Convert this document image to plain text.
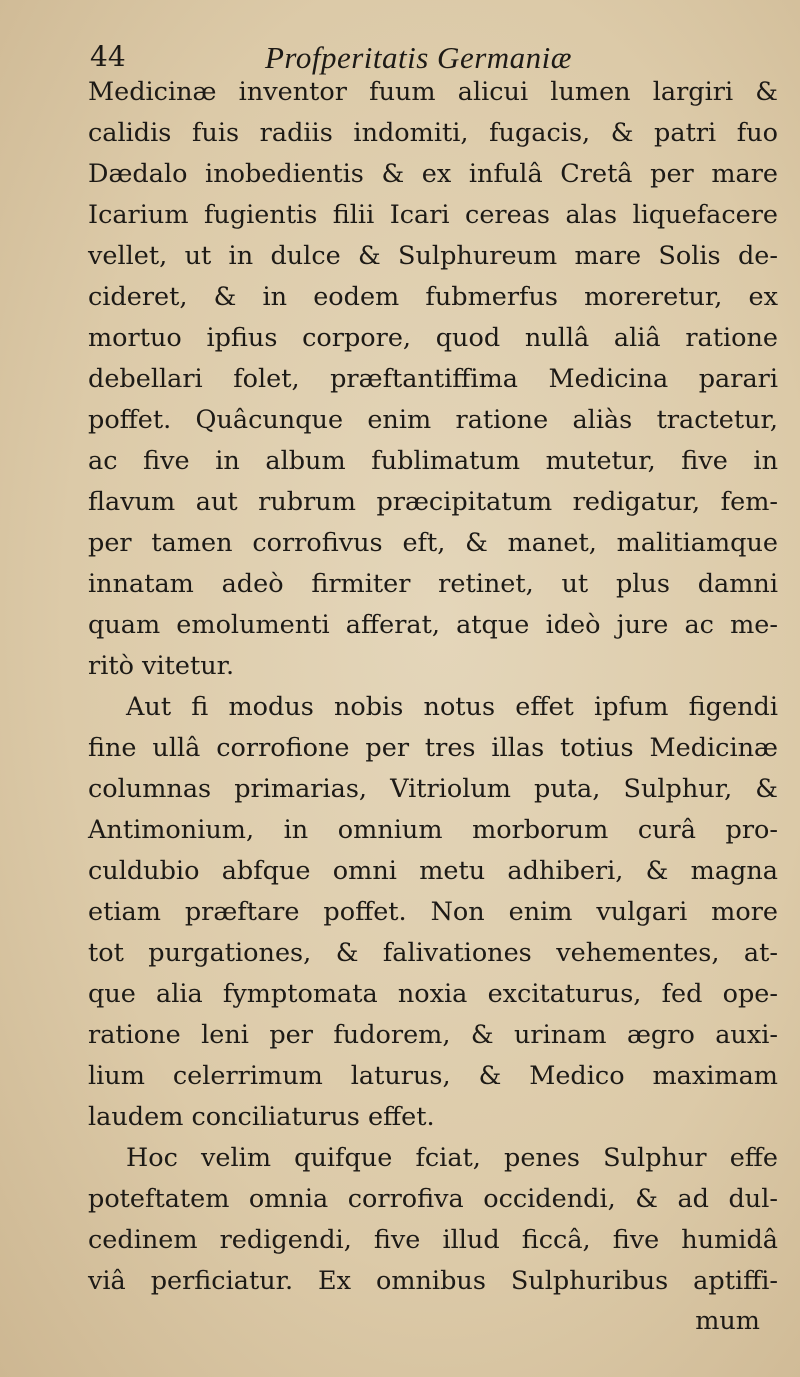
44	Profperitatis Germaniæ
Medicinæ inventor fuum alicui lumen largiri &
calidis fuis radiis indomiti, fugacis, & patri fuo
Dædalo inobedientis & ex infulâ Cretâ per mare
Icarium fugientis filii Icari cereas alas liquefacere
vellet, ut in dulce & Sulphureum mare Solis de-
cideret, & in eodem fubmerfus moreretur, ex
mortuo ipfius corpore, quod nullâ aliâ ratione
debellari folet, præftantiffima Medicina parari
poffet. Quâcunque enim ratione aliàs tractetur,
ac five in album fublimatum mutetur, five in
flavum aut rubrum præcipitatum redigatur, fem-
per tamen corrofivus eft, & manet, malitiamque
innatam adeò firmiter retinet, ut plus damni
quam emolumenti afferat, atque ideò jure ac me-
ritò vitetur.
Aut fi modus nobis notus effet ipfum figendi
fine ullâ corrofione per tres illas totius Medicinæ
columnas primarias, Vitriolum puta, Sulphur, &
Antimonium, in omnium morborum curâ pro-
culdubio abfque omni metu adhiberi, & magna
etiam præftare poffet. Non enim vulgari more
tot purgationes, & falivationes vehementes, at-
que alia fymptomata noxia excitaturus, fed ope-
ratione leni per fudorem, & urinam ægro auxi-
lium celerrimum laturus, & Medico maximam
laudem conciliaturus effet.
Hoc velim quifque fciat, penes Sulphur effe
poteftatem omnia corrofiva occidendi, & ad dul-
cedinem redigendi, five illud ficcâ, five humidâ
viâ perficiatur. Ex omnibus Sulphuribus aptiffi-
mum
